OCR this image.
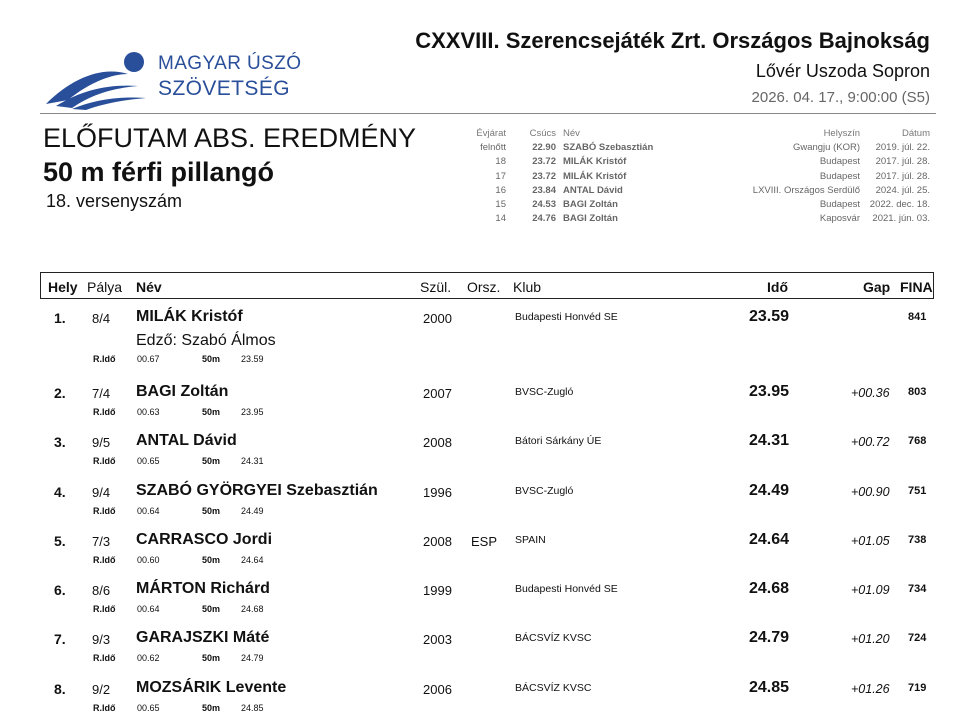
MAGYAR ÚSZÓ
SZÖVETSÉG
CXXVIII. Szerencsejáték Zrt. Országos Bajnokság
Lővér Uszoda Sopron
2026. 04. 17., 9:00:00 (S5)
ELŐFUTAM ABS. EREDMÉNY
50 m férfi pillangó
18. versenyszám
Évjárat	Csúcs Név	Helyszín	Dátum
felnőtt	22.90 SZABÓ Szebasztián	Gwangju (KOR) 2019. júl. 22.
18	23.72 MILÁK Kristóf	Budapest 2017. júl. 28.
17	23.72 MILÁK Kristóf	Budapest 2017. júl. 28.
16	23.84 ANTAL Dávid	LXVIII. Országos Serdülő 2024. júl. 25.
15	24.53 BAGI Zoltán	Budapest 2022. dec. 18.
14	24.76 BAGI Zoltán	Kaposvár 2021. jún. 03.
Hely Pálya Név	Szül. Orsz. Klub	Idő	Gap FINA
1. 8/4 MILÁK Kristóf	2000	Budapesti Honvéd SE	23.59	841
Edző: Szabó Álmos
R.Idő 00.67	50m 23.59
2. 7/4 BAGI Zoltán	2007	BVSC-Zugló	23.95	+00.36 803
R.Idő 00.63	50m 23.95
3. 9/5 ANTAL Dávid	2008	Bátori Sárkány ÚE	24.31	+00.72 768
R.Idő 00.65	50m 24.31
4. 9/4 SZABÓ GYÖRGYEI Szebasztián	1996	BVSC-Zugló	24.49	+00.90 751
R.Idő 00.64	50m 24.49
5. 7/3 CARRASCO Jordi	2008 ESP SPAIN	24.64	+01.05 738
R.Idő 00.60	50m 24.64
6. 8/6 MÁRTON Richárd	1999	Budapesti Honvéd SE	24.68	+01.09 734
R.Idő 00.64	50m 24.68
7. 9/3 GARAJSZKI Máté	2003	BÁCSVÍZ KVSC	24.79	+01.20 724
R.Idő 00.62	50m 24.79
8. 9/2 MOZSÁRIK Levente	2006	BÁCSVÍZ KVSC	24.85	+01.26 719
R.Idő 00.65	50m 24.85
